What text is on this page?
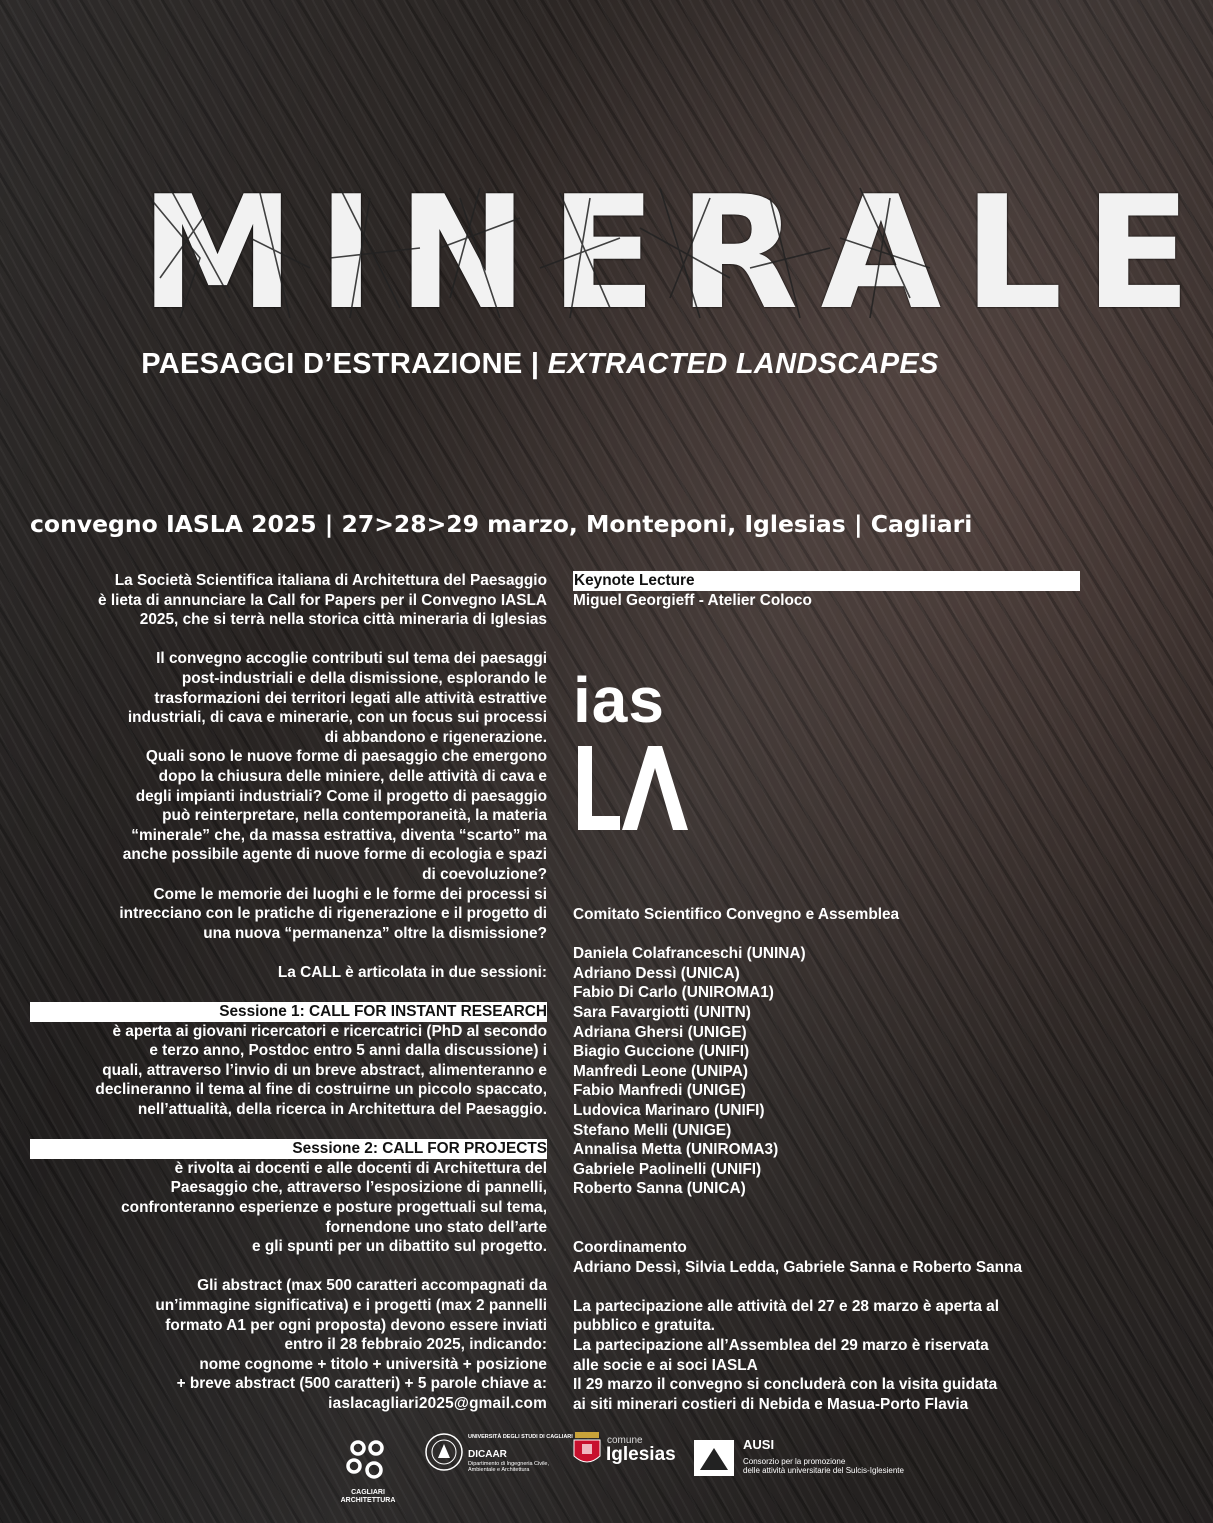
MINERALE
PAESAGGI D’ESTRAZIONE | EXTRACTED LANDSCAPES
convegno IASLA 2025 | 27>28>29 marzo, Monteponi, Iglesias | Cagliari

La Società Scientifica italiana di Architettura del Paesaggio

è lieta di annunciare la Call for Papers per il Convegno IASLA

2025, che si terrà nella storica città mineraria di Iglesias

Il convegno accoglie contributi sul tema dei paesaggi

post-industriali e della dismissione, esplorando le

trasformazioni dei territori legati alle attività estrattive

industriali, di cava e minerarie, con un focus sui processi

di abbandono e rigenerazione.

Quali sono le nuove forme di paesaggio che emergono

dopo la chiusura delle miniere, delle attività di cava e

degli impianti industriali? Come il progetto di paesaggio

può reinterpretare, nella contemporaneità, la materia

“minerale” che, da massa estrattiva, diventa “scarto” ma

anche possibile agente di nuove forme di ecologia e spazi

di coevoluzione?

Come le memorie dei luoghi e le forme dei processi si

intrecciano con le pratiche di rigenerazione e il progetto di

una nuova “permanenza” oltre la dismissione?

La CALL è articolata in due sessioni:

Sessione 1: CALL FOR INSTANT RESEARCH

è aperta ai giovani ricercatori e ricercatrici (PhD al secondo

e terzo anno, Postdoc entro 5 anni dalla discussione) i

quali, attraverso l’invio di un breve abstract, alimenteranno e

declineranno il tema al fine di costruirne un piccolo spaccato,

nell’attualità, della ricerca in Architettura del Paesaggio.

Sessione 2: CALL FOR PROJECTS

è rivolta ai docenti e alle docenti di Architettura del

Paesaggio che, attraverso l’esposizione di pannelli,

confronteranno esperienze e posture progettuali sul tema,

fornendone uno stato dell’arte

e gli spunti per un dibattito sul progetto.

Gli abstract (max 500 caratteri accompagnati da

un’immagine significativa) e i progetti (max 2 pannelli

formato A1 per ogni proposta) devono essere inviati

entro il 28 febbraio 2025, indicando:

nome cognome + titolo + università + posizione

+ breve abstract (500 caratteri) + 5 parole chiave a:

iaslacagliari2025@gmail.com

Keynote Lecture

Miguel Georgieff - Atelier Coloco

ias

Comitato Scientifico Convegno e Assemblea

Daniela Colafranceschi (UNINA)

Adriano Dessì (UNICA)

Fabio Di Carlo (UNIROMA1)

Sara Favargiotti (UNITN)

Adriana Ghersi (UNIGE)

Biagio Guccione (UNIFI)

Manfredi Leone (UNIPA)

Fabio Manfredi (UNIGE)

Ludovica Marinaro (UNIFI)

Stefano Melli (UNIGE)

Annalisa Metta (UNIROMA3)

Gabriele Paolinelli (UNIFI)

Roberto Sanna (UNICA)

Coordinamento

Adriano Dessì, Silvia Ledda, Gabriele Sanna e Roberto Sanna

La partecipazione alle attività del 27 e 28 marzo è aperta al

pubblico e gratuita.

La partecipazione all’Assemblea del 29 marzo è riservata

alle socie e ai soci IASLA

Il 29 marzo il convegno si concluderà con la visita guidata

ai siti minerari costieri di Nebida e Masua-Porto Flavia

CAGLIARI
ARCHITETTURA
UNIVERSITÀ DEGLI STUDI DI CAGLIARI
DICAAR
Dipartimento di Ingegneria Civile,
Ambientale e Architettura
comune
Iglesias	AUSI
Consorzio per la promozione
delle attività universitarie del Sulcis-Iglesiente
